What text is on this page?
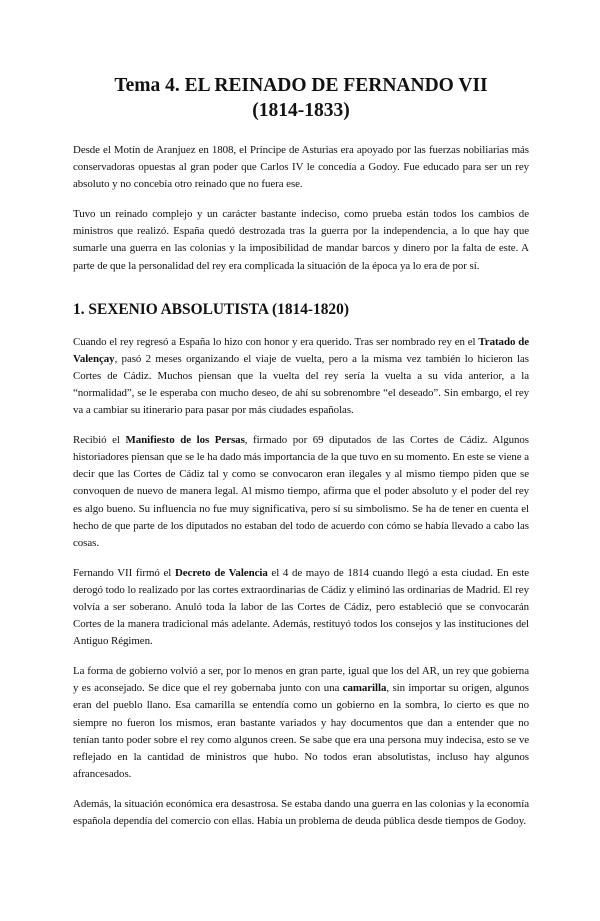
Tema 4. EL REINADO DE FERNANDO VII
(1814-1833)

Desde el Motín de Aranjuez en 1808, el Príncipe de Asturias era apoyado por las fuerzas nobiliarias más conservadoras opuestas al gran poder que Carlos IV le concedía a Godoy. Fue educado para ser un rey absoluto y no concebía otro reinado que no fuera ese.

Tuvo un reinado complejo y un carácter bastante indeciso, como prueba están todos los cambios de ministros que realizó. España quedó destrozada tras la guerra por la independencia, a lo que hay que sumarle una guerra en las colonias y la imposibilidad de mandar barcos y dinero por la falta de este. A parte de que la personalidad del rey era complicada la situación de la época ya lo era de por sí.

1. SEXENIO ABSOLUTISTA (1814-1820)

Cuando el rey regresó a España lo hizo con honor y era querido. Tras ser nombrado rey en el Tratado de Valençay, pasó 2 meses organizando el viaje de vuelta, pero a la misma vez también lo hicieron las Cortes de Cádiz. Muchos piensan que la vuelta del rey sería la vuelta a su vida anterior, a la “normalidad”, se le esperaba con mucho deseo, de ahí su sobrenombre “el deseado”. Sin embargo, el rey va a cambiar su itinerario para pasar por más ciudades españolas.

Recibió el Manifiesto de los Persas, firmado por 69 diputados de las Cortes de Cádiz. Algunos historiadores piensan que se le ha dado más importancia de la que tuvo en su momento. En este se viene a decir que las Cortes de Cádiz tal y como se convocaron eran ilegales y al mismo tiempo piden que se convoquen de nuevo de manera legal. Al mismo tiempo, afirma que el poder absoluto y el poder del rey es algo bueno. Su influencia no fue muy significativa, pero sí su simbolismo. Se ha de tener en cuenta el hecho de que parte de los diputados no estaban del todo de acuerdo con cómo se había llevado a cabo las cosas.

Fernando VII firmó el Decreto de Valencia el 4 de mayo de 1814 cuando llegó a esta ciudad. En este derogó todo lo realizado por las cortes extraordinarias de Cádiz y eliminó las ordinarias de Madrid. El rey volvía a ser soberano. Anuló toda la labor de las Cortes de Cádiz, pero estableció que se convocarán Cortes de la manera tradicional más adelante. Además, restituyó todos los consejos y las instituciones del Antiguo Régimen.

La forma de gobierno volvió a ser, por lo menos en gran parte, igual que los del AR, un rey que gobierna y es aconsejado. Se dice que el rey gobernaba junto con una camarilla, sin importar su origen, algunos eran del pueblo llano. Esa camarilla se entendía como un gobierno en la sombra, lo cierto es que no siempre no fueron los mismos, eran bastante variados y hay documentos que dan a entender que no tenían tanto poder sobre el rey como algunos creen. Se sabe que era una persona muy indecisa, esto se ve reflejado en la cantidad de ministros que hubo. No todos eran absolutistas, incluso hay algunos afrancesados.

Además, la situación económica era desastrosa. Se estaba dando una guerra en las colonias y la economía española dependía del comercio con ellas. Había un problema de deuda pública desde tiempos de Godoy.
